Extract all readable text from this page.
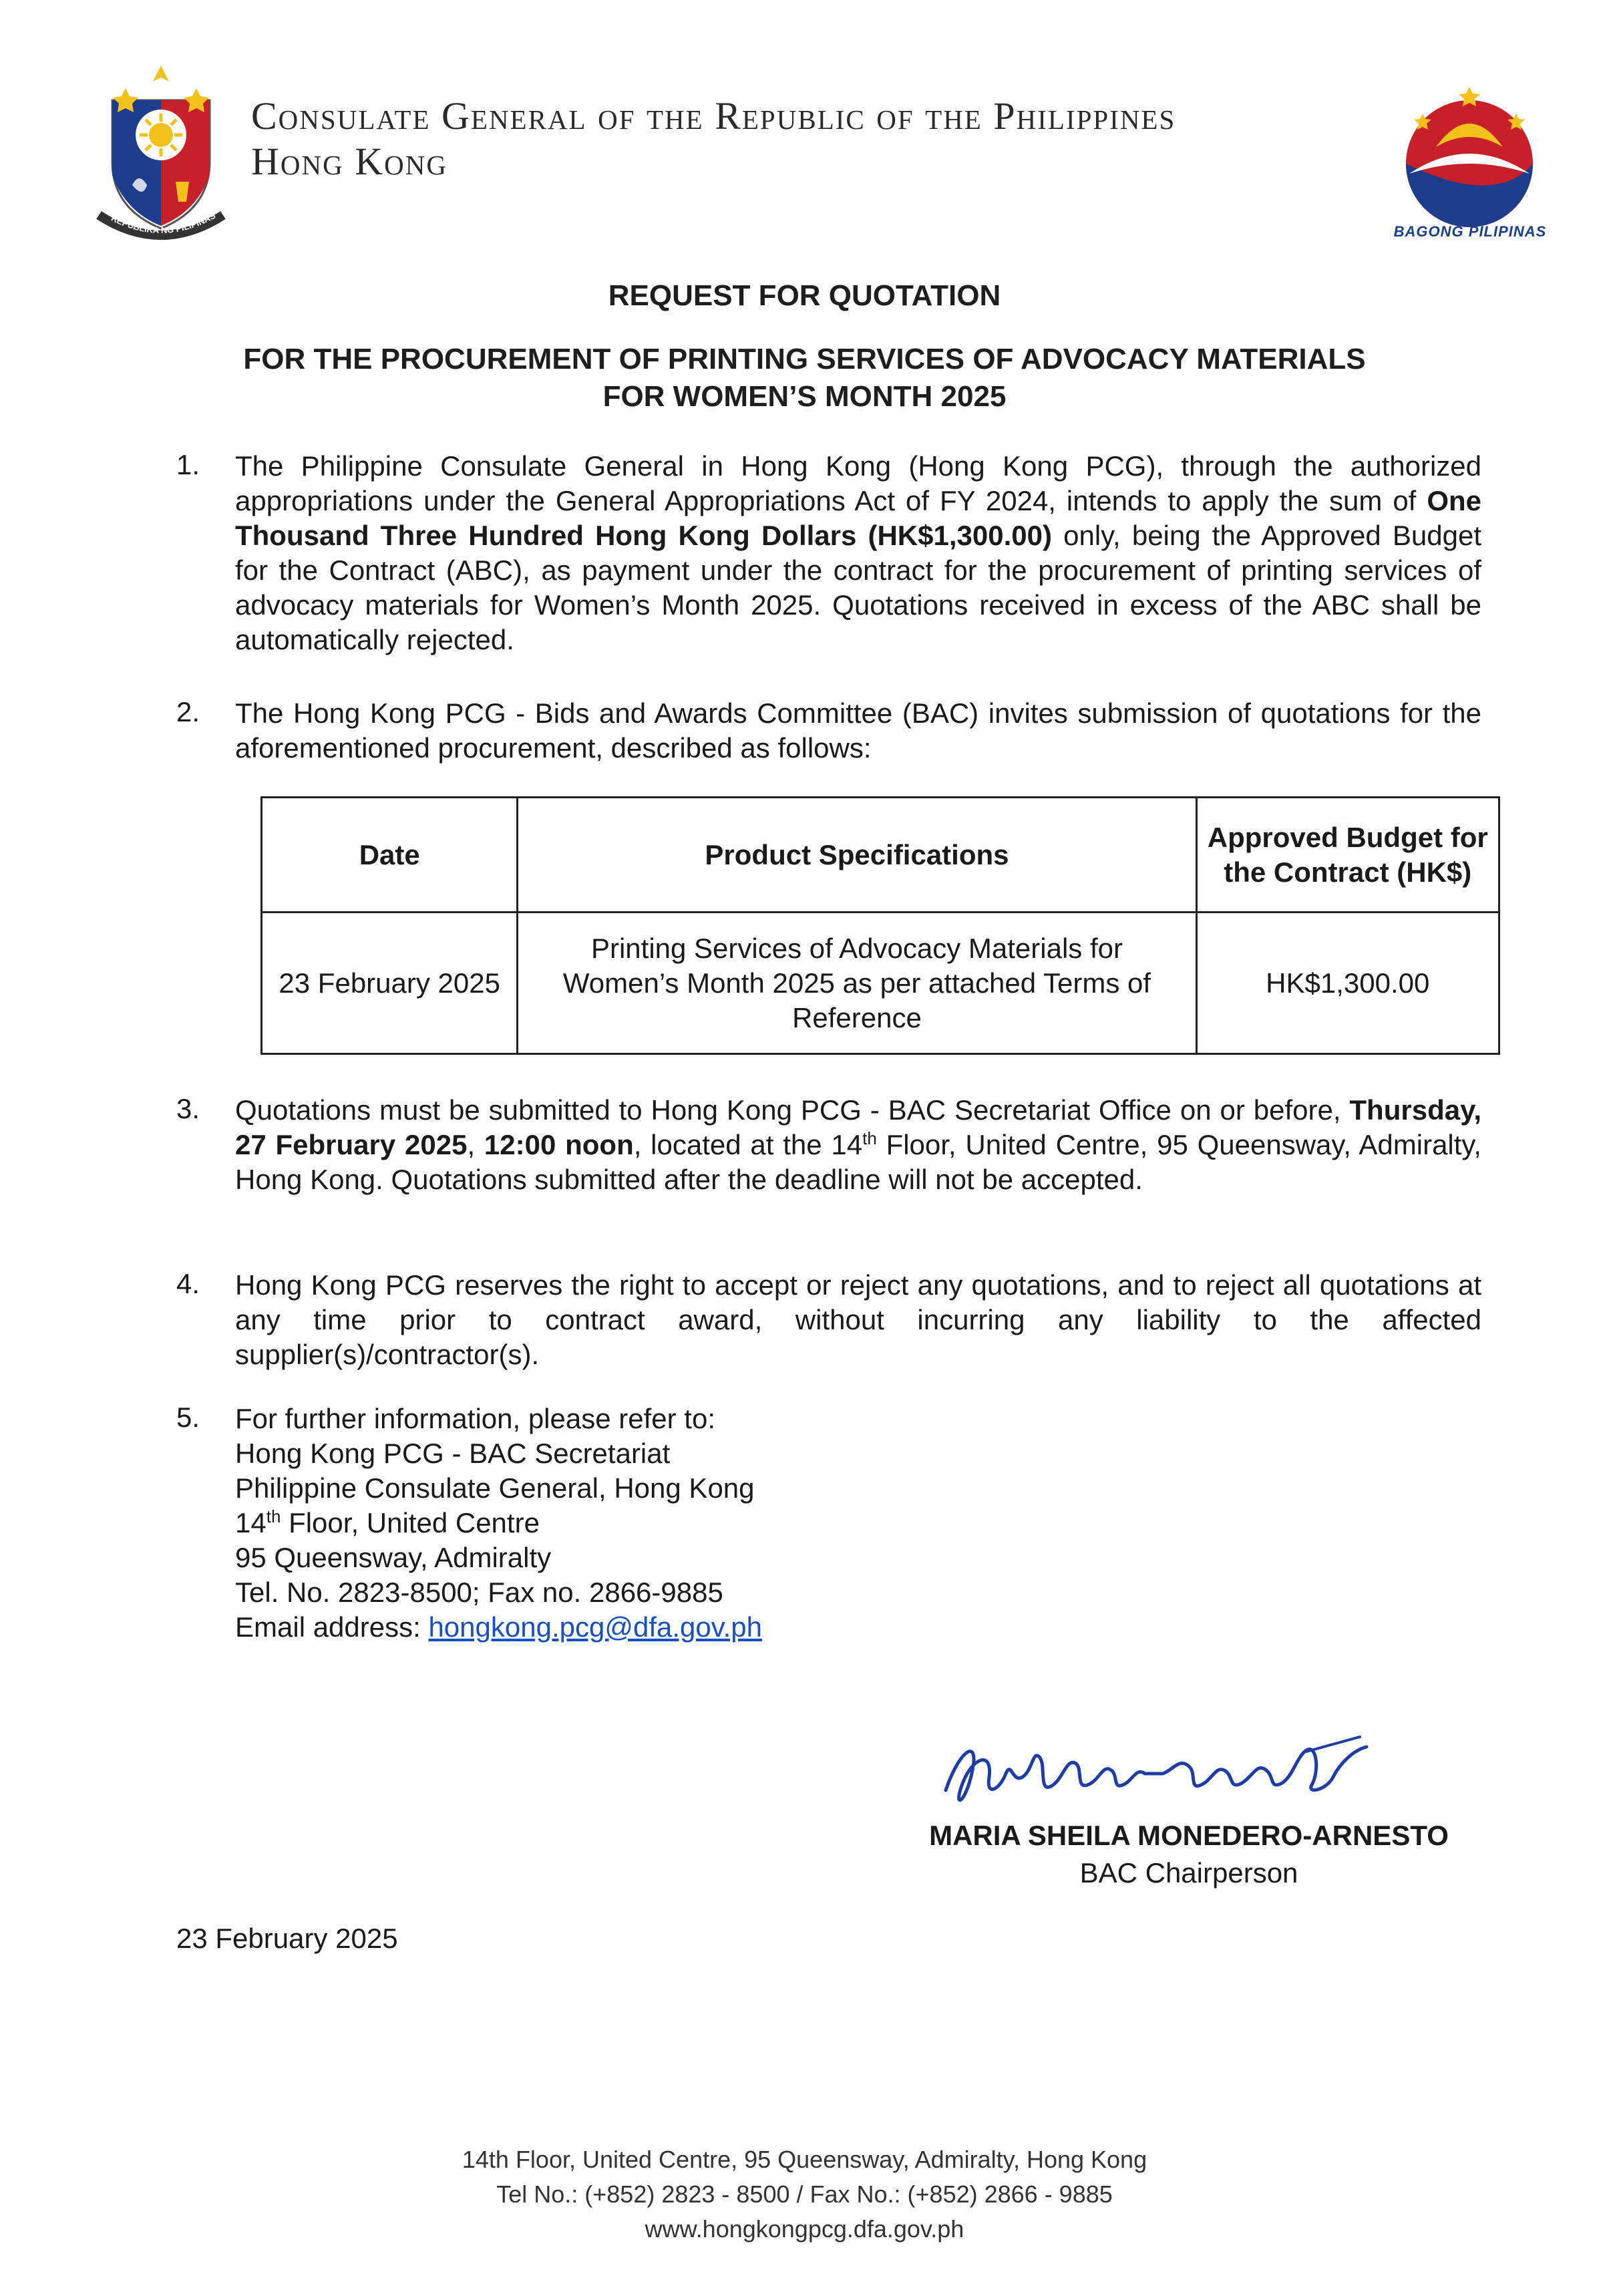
REPUBLIKA NG PILIPINAS
Consulate General of the Republic of the Philippines
Hong Kong
BAGONG PILIPINAS
REQUEST FOR QUOTATION
FOR THE PROCUREMENT OF PRINTING SERVICES OF ADVOCACY MATERIALS
FOR WOMEN’S MONTH 2025
1. The Philippine Consulate General in Hong Kong (Hong Kong PCG), through the authorized appropriations under the General Appropriations Act of FY 2024, intends to apply the sum of One Thousand Three Hundred Hong Kong Dollars (HK$1,300.00) only, being the Approved Budget for the Contract (ABC), as payment under the contract for the procurement of printing services of advocacy materials for Women’s Month 2025. Quotations received in excess of the ABC shall be automatically rejected.
2. The Hong Kong PCG - Bids and Awards Committee (BAC) invites submission of quotations for the aforementioned procurement, described as follows:
Date	Product Specifications	Approved Budget for the Contract (HK$)
23 February 2025	Printing Services of Advocacy Materials for Women’s Month 2025 as per attached Terms of Reference	HK$1,300.00
3. Quotations must be submitted to Hong Kong PCG - BAC Secretariat Office on or before, Thursday, 27 February 2025, 12:00 noon, located at the 14th Floor, United Centre, 95 Queensway, Admiralty, Hong Kong. Quotations submitted after the deadline will not be accepted.
4. Hong Kong PCG reserves the right to accept or reject any quotations, and to reject all quotations at any time prior to contract award, without incurring any liability to the affected supplier(s)/contractor(s).
5. For further information, please refer to:
Hong Kong PCG - BAC Secretariat
Philippine Consulate General, Hong Kong
14th Floor, United Centre
95 Queensway, Admiralty
Tel. No. 2823-8500; Fax no. 2866-9885
Email address: hongkong.pcg@dfa.gov.ph
MARIA SHEILA MONEDERO-ARNESTO
BAC Chairperson
23 February 2025
14th Floor, United Centre, 95 Queensway, Admiralty, Hong Kong
Tel No.: (+852) 2823 - 8500 / Fax No.: (+852) 2866 - 9885
www.hongkongpcg.dfa.gov.ph
